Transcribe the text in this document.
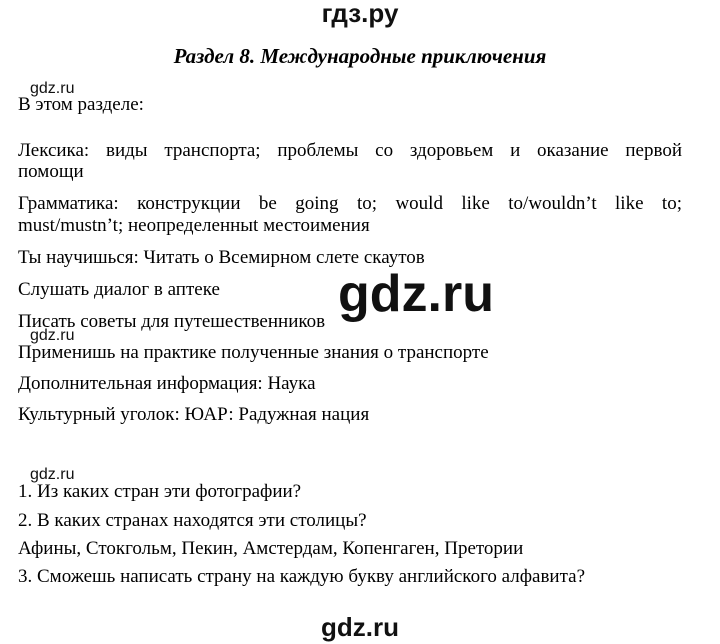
гдз.ру
Раздел 8. Международные приключения
gdz.ru
В этом разделе:
Лексика: виды транспорта; проблемы со здоровьем и оказание первой
помощи
Грамматика: конструкции be going to; would like to/wouldn’t like to;
must/mustn’t; неопределенныt местоимения
Ты научишься: Читать о Всемирном слете скаутов
Слушать диалог в аптеке
Писать советы для путешественников
gdz.ru
Применишь на практике полученные знания о транспорте
Дополнительная информация: Наука
Культурный уголок: ЮАР: Радужная нация
gdz.ru
gdz.ru
1. Из каких стран эти фотографии?
2. В каких странах находятся эти столицы?
Афины, Стокгольм, Пекин, Амстердам, Копенгаген, Претории
3. Сможешь написать страну на каждую букву английского алфавита?
gdz.ru
